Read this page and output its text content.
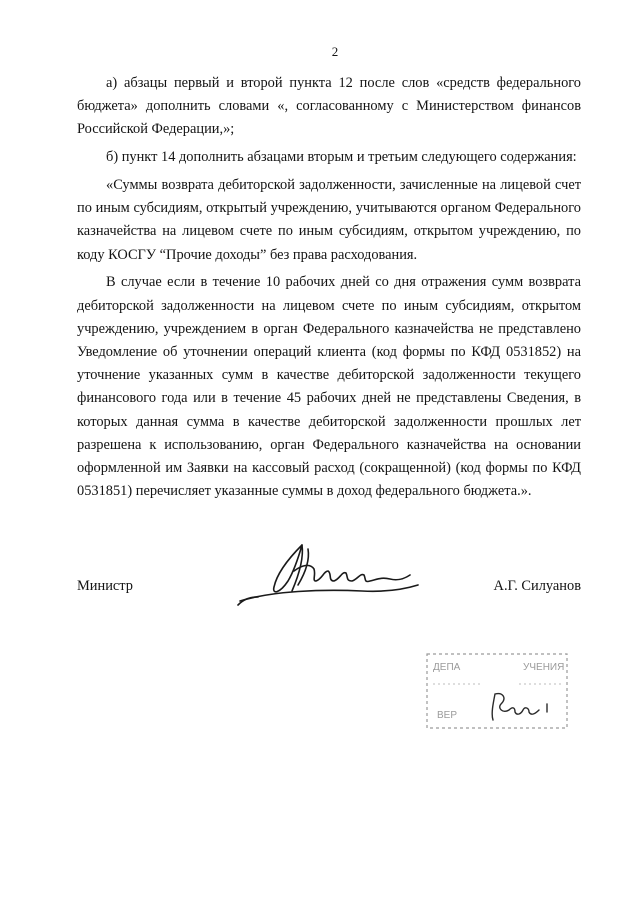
2

а) абзацы первый и второй пункта 12 после слов «средств федерального бюджета» дополнить словами «, согласованному с Министерством финансов Российской Федерации,»;

б) пункт 14 дополнить абзацами вторым и третьим следующего содержания:

«Суммы возврата дебиторской задолженности, зачисленные на лицевой счет по иным субсидиям, открытый учреждению, учитываются органом Федерального казначейства на лицевом счете по иным субсидиям, открытом учреждению, по коду КОСГУ “Прочие доходы” без права расходования.

В случае если в течение 10 рабочих дней со дня отражения сумм возврата дебиторской задолженности на лицевом счете по иным субсидиям, открытом учреждению, учреждением в орган Федерального казначейства не представлено Уведомление об уточнении операций клиента (код формы по КФД 0531852) на уточнение указанных сумм в качестве дебиторской задолженности текущего финансового года или в течение 45 рабочих дней не представлены Сведения, в которых данная сумма в качестве дебиторской задолженности прошлых лет разрешена к использованию, орган Федерального казначейства на основании оформленной им Заявки на кассовый расход (сокращенной) (код формы по КФД 0531851) перечисляет указанные суммы в доход федерального бюджета.».

Министр	А.Г. Силуанов
ДЕПА	УЧЕНИЯ
ВЕР
